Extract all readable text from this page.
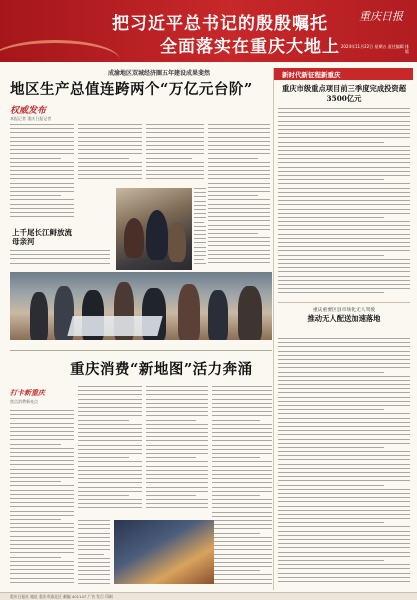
把习近平总书记的殷殷嘱托
全面落实在重庆大地上
重庆日报
2024年11月22日 星期五 责任编辑 排版
成渝地区双城经济圈五年建设成果斐然
地区生产总值连跨两个“万亿元台阶”
权威发布
本报记者 重庆日报记者
上千尾长江鲟放流母亲河
新时代新征程新重庆
重庆市级重点项目前三季度完成投资超3500亿元
重庆重要区县市场化无人驾驶
推动无人配送加速落地
重庆消费“新地图”活力奔涌
打卡新重庆
焦点消费新亮点
重庆日报社 地址 重庆市渝北区 邮编 401147 广告 发行 印刷
